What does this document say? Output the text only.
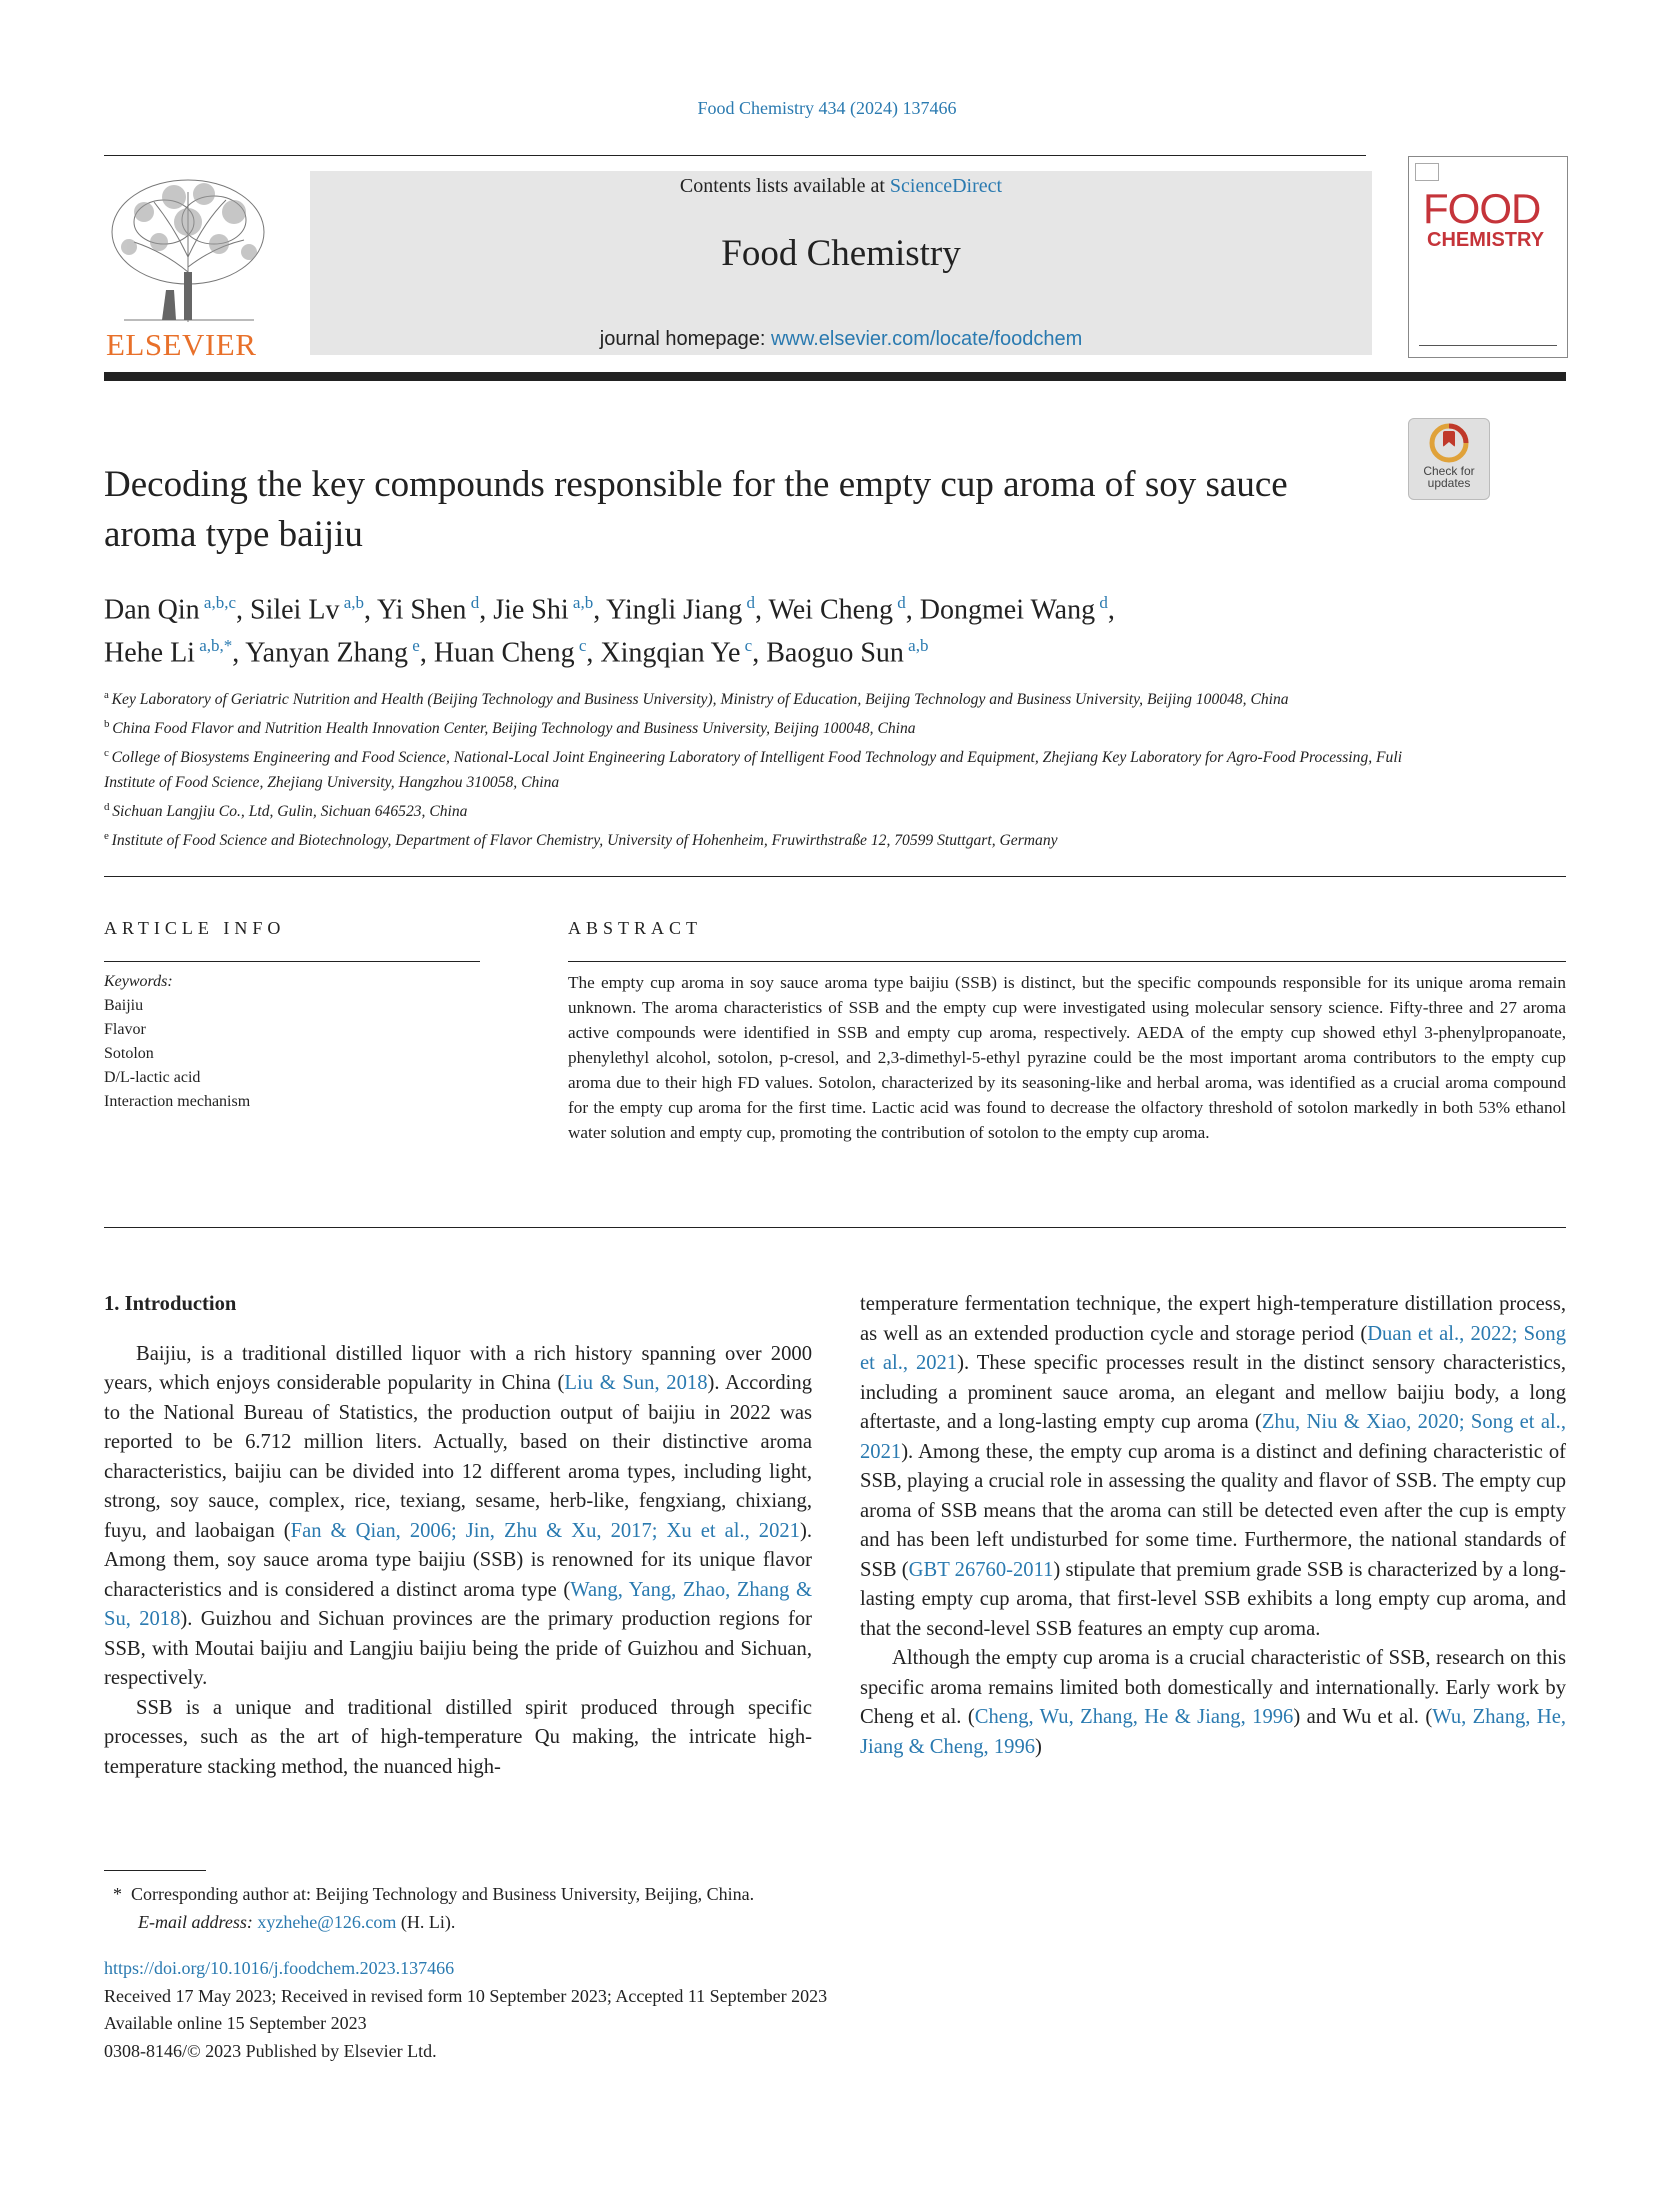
Food Chemistry 434 (2024) 137466
ELSEVIER
Contents lists available at ScienceDirect
Food Chemistry
journal homepage: www.elsevier.com/locate/foodchem
FOOD
CHEMISTRY
Check for updates
Decoding the key compounds responsible for the empty cup aroma of soy sauce aroma type baijiu
Dan Qin $^{a,b,c}$, Silei Lv $^{a,b}$, Yi Shen $^d$, Jie Shi $^{a,b}$, Yingli Jiang $^d$, Wei Cheng $^d$, Dongmei Wang $^d$,
Hehe Li $^{a,b,*}$, Yanyan Zhang $^e$, Huan Cheng $^c$, Xingqian Ye $^c$, Baoguo Sun $^{a,b}$
$^a$ Key Laboratory of Geriatric Nutrition and Health (Beijing Technology and Business University), Ministry of Education, Beijing Technology and Business University, Beijing 100048, China
$^b$ China Food Flavor and Nutrition Health Innovation Center, Beijing Technology and Business University, Beijing 100048, China
$^c$ College of Biosystems Engineering and Food Science, National-Local Joint Engineering Laboratory of Intelligent Food Technology and Equipment, Zhejiang Key Laboratory for Agro-Food Processing, Fuli Institute of Food Science, Zhejiang University, Hangzhou 310058, China
$^d$ Sichuan Langjiu Co., Ltd, Gulin, Sichuan 646523, China
$^e$ Institute of Food Science and Biotechnology, Department of Flavor Chemistry, University of Hohenheim, Fruwirthstraße 12, 70599 Stuttgart, Germany
ARTICLE INFO	ABSTRACT
Keywords:
Baijiu
Flavor
Sotolon
D/L-lactic acid
Interaction mechanism
The empty cup aroma in soy sauce aroma type baijiu (SSB) is distinct, but the specific compounds responsible for its unique aroma remain unknown. The aroma characteristics of SSB and the empty cup were investigated using molecular sensory science. Fifty-three and 27 aroma active compounds were identified in SSB and empty cup aroma, respectively. AEDA of the empty cup showed ethyl 3-phenylpropanoate, phenylethyl alcohol, sotolon, p-cresol, and 2,3-dimethyl-5-ethyl pyrazine could be the most important aroma contributors to the empty cup aroma due to their high FD values. Sotolon, characterized by its seasoning-like and herbal aroma, was identified as a crucial aroma compound for the empty cup aroma for the first time. Lactic acid was found to decrease the olfactory threshold of sotolon markedly in both 53% ethanol water solution and empty cup, promoting the contribution of sotolon to the empty cup aroma.

1. Introduction

Baijiu, is a traditional distilled liquor with a rich history spanning over 2000 years, which enjoys considerable popularity in China (Liu & Sun, 2018). According to the National Bureau of Statistics, the production output of baijiu in 2022 was reported to be 6.712 million liters. Actually, based on their distinctive aroma characteristics, baijiu can be divided into 12 different aroma types, including light, strong, soy sauce, complex, rice, texiang, sesame, herb-like, fengxiang, chixiang, fuyu, and laobaigan (Fan & Qian, 2006; Jin, Zhu & Xu, 2017; Xu et al., 2021). Among them, soy sauce aroma type baijiu (SSB) is renowned for its unique flavor characteristics and is considered a distinct aroma type (Wang, Yang, Zhao, Zhang & Su, 2018). Guizhou and Sichuan provinces are the primary production regions for SSB, with Moutai baijiu and Langjiu baijiu being the pride of Guizhou and Sichuan, respectively.

SSB is a unique and traditional distilled spirit produced through specific processes, such as the art of high-temperature Qu making, the intricate high-temperature stacking method, the nuanced high-

temperature fermentation technique, the expert high-temperature distillation process, as well as an extended production cycle and storage period (Duan et al., 2022; Song et al., 2021). These specific processes result in the distinct sensory characteristics, including a prominent sauce aroma, an elegant and mellow baijiu body, a long aftertaste, and a long-lasting empty cup aroma (Zhu, Niu & Xiao, 2020; Song et al., 2021). Among these, the empty cup aroma is a distinct and defining characteristic of SSB, playing a crucial role in assessing the quality and flavor of SSB. The empty cup aroma of SSB means that the aroma can still be detected even after the cup is empty and has been left undisturbed for some time. Furthermore, the national standards of SSB (GBT 26760-2011) stipulate that premium grade SSB is characterized by a long-lasting empty cup aroma, that first-level SSB exhibits a long empty cup aroma, and that the second-level SSB features an empty cup aroma.

Although the empty cup aroma is a crucial characteristic of SSB, research on this specific aroma remains limited both domestically and internationally. Early work by Cheng et al. (Cheng, Wu, Zhang, He & Jiang, 1996) and Wu et al. (Wu, Zhang, He, Jiang & Cheng, 1996)

* Corresponding author at: Beijing Technology and Business University, Beijing, China.
E-mail address: xyzhehe@126.com (H. Li).
https://doi.org/10.1016/j.foodchem.2023.137466
Received 17 May 2023; Received in revised form 10 September 2023; Accepted 11 September 2023
Available online 15 September 2023
0308-8146/© 2023 Published by Elsevier Ltd.
